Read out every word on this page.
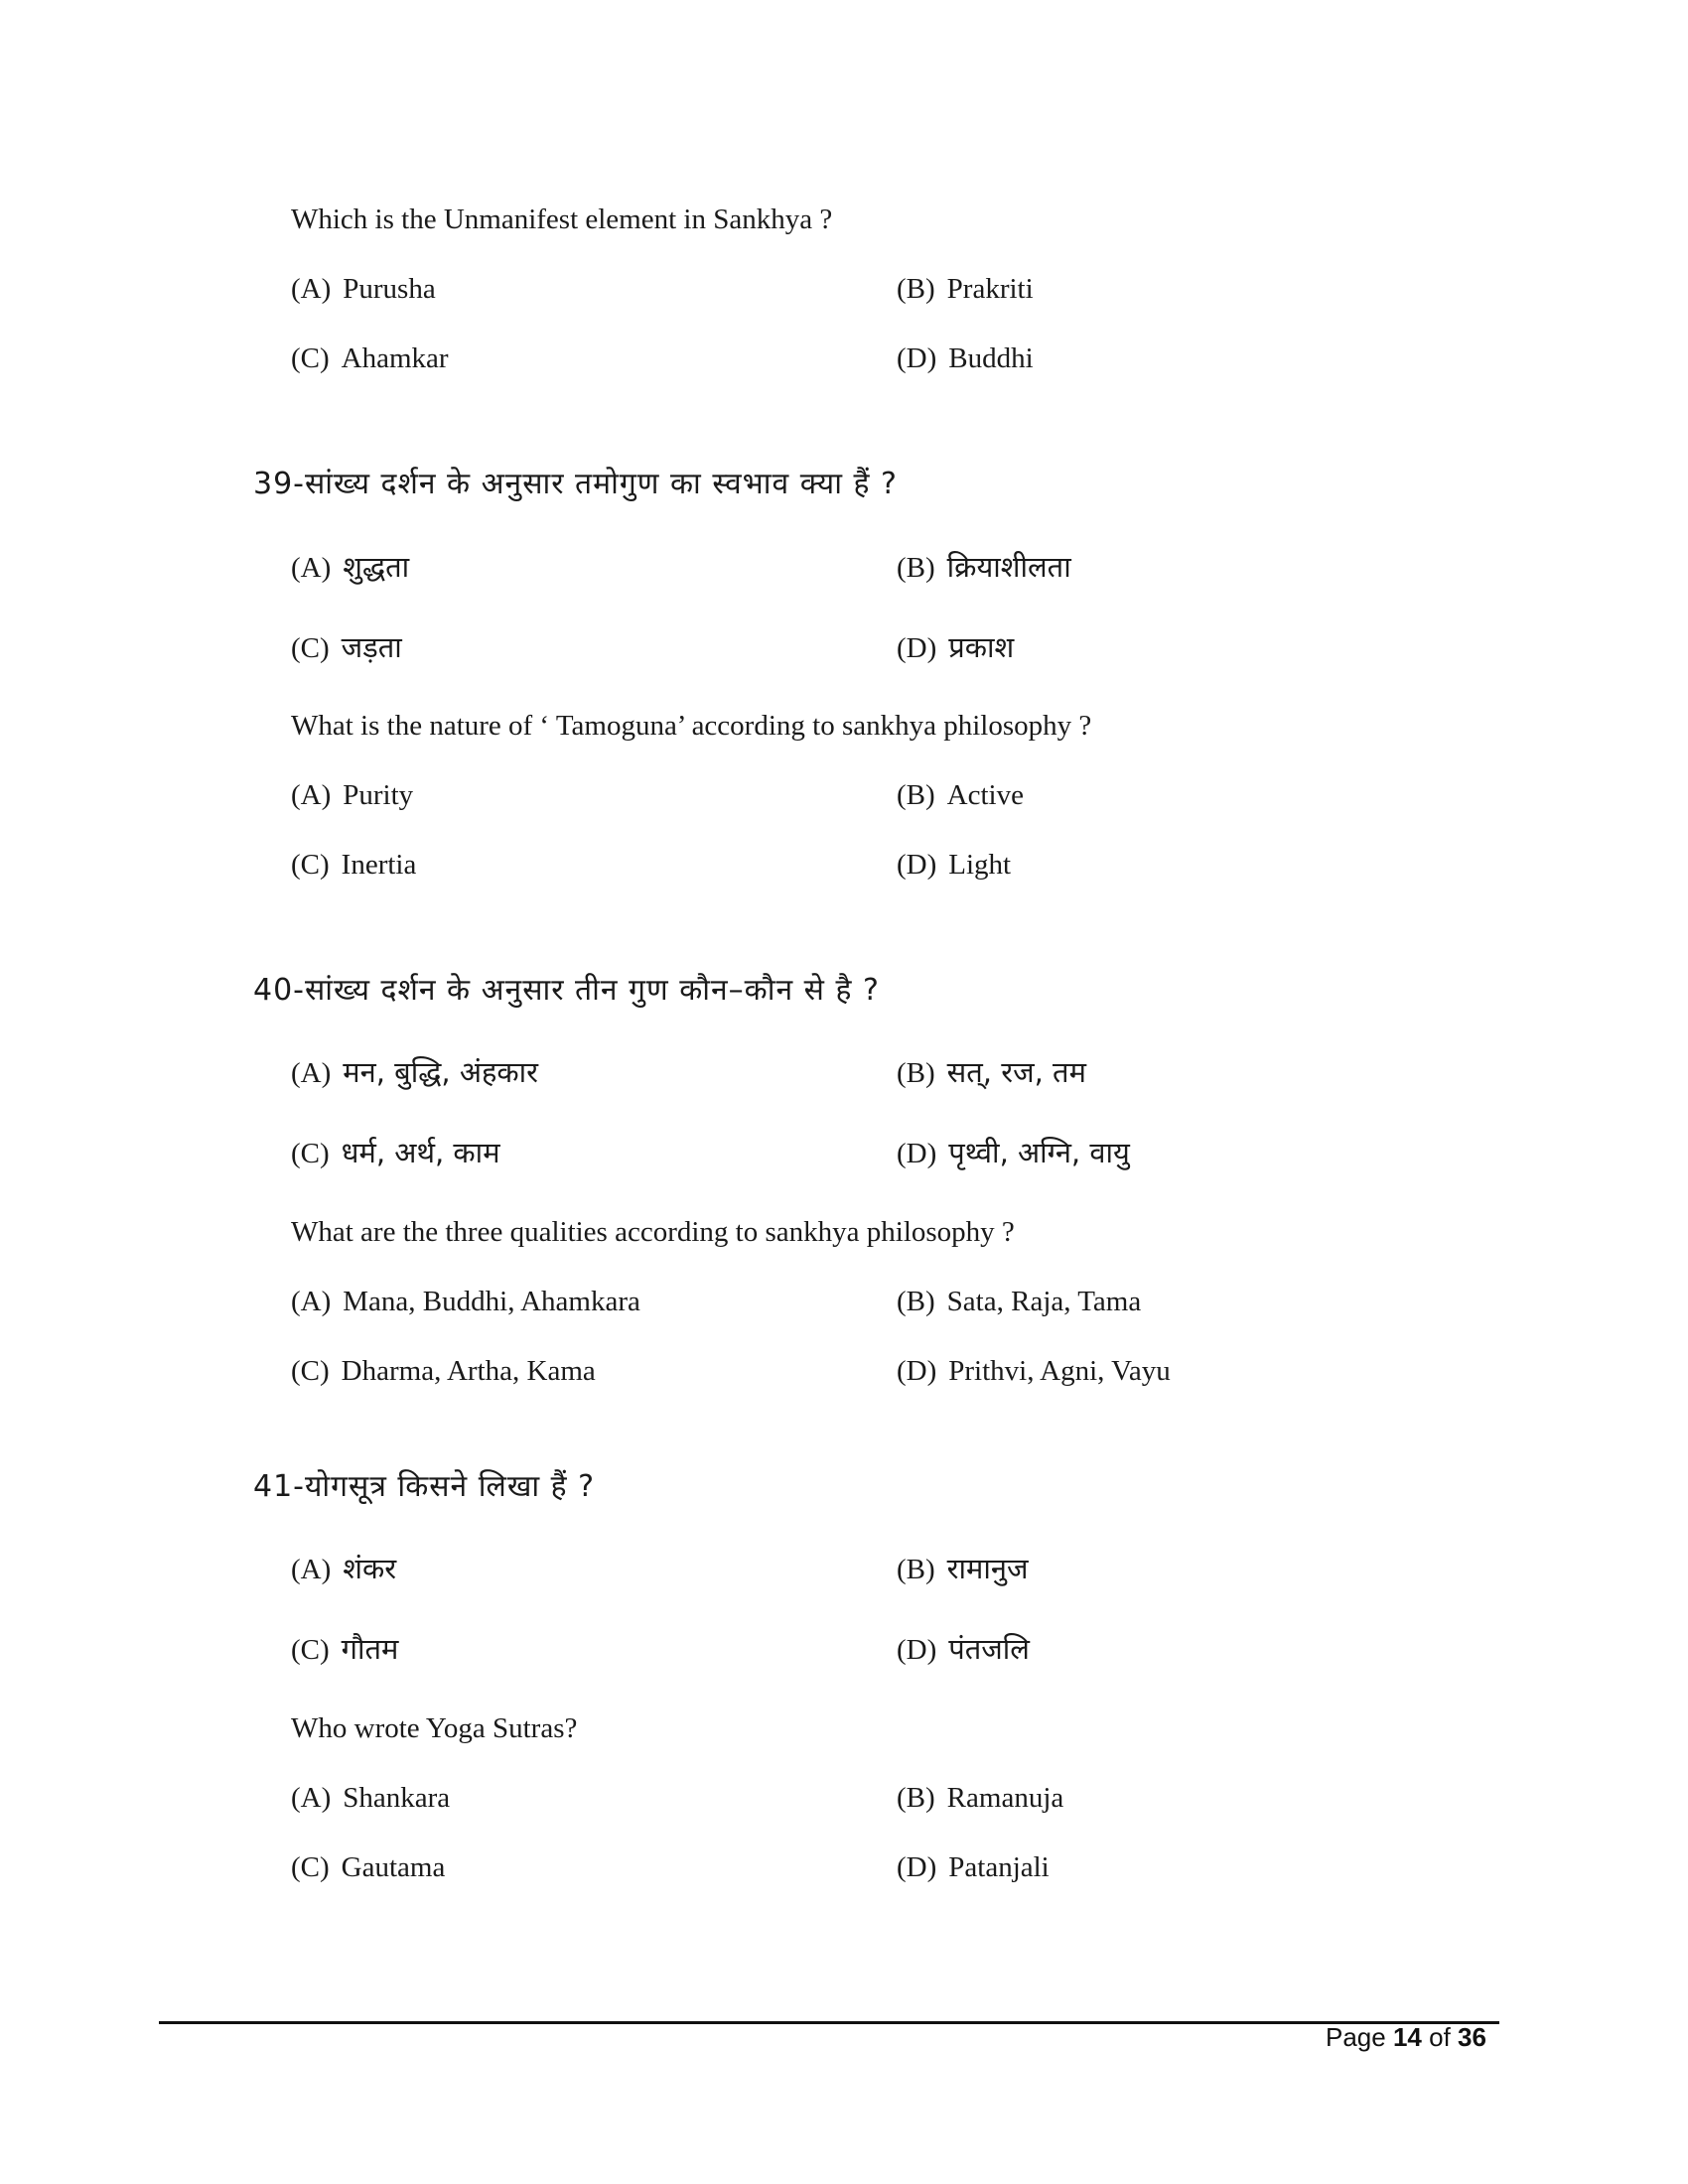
Which is the Unmanifest element in Sankhya ?
(A) Purusha	(B) Prakriti
(C) Ahamkar	(D) Buddhi
39-सांख्य दर्शन के अनुसार तमोगुण का स्वभाव क्या हैं ?
(A) शुद्धता	(B) क्रियाशीलता
(C) जड़ता	(D) प्रकाश
What is the nature of ‘ Tamoguna’ according to sankhya philosophy ?
(A) Purity	(B) Active
(C) Inertia	(D) Light
40-सांख्य दर्शन के अनुसार तीन गुण कौन–कौन से है ?
(A) मन, बुद्धि, अंहकार	(B) सत्, रज, तम
(C) धर्म, अर्थ, काम	(D) पृथ्वी, अग्नि, वायु
What are the three qualities according to sankhya philosophy ?
(A) Mana, Buddhi, Ahamkara	(B) Sata, Raja, Tama
(C) Dharma, Artha, Kama	(D) Prithvi, Agni, Vayu
41-योगसूत्र किसने लिखा हैं ?
(A) शंकर	(B) रामानुज
(C) गौतम	(D) पंतजलि
Who wrote Yoga Sutras?
(A) Shankara	(B) Ramanuja
(C) Gautama	(D) Patanjali
Page 14 of 36
